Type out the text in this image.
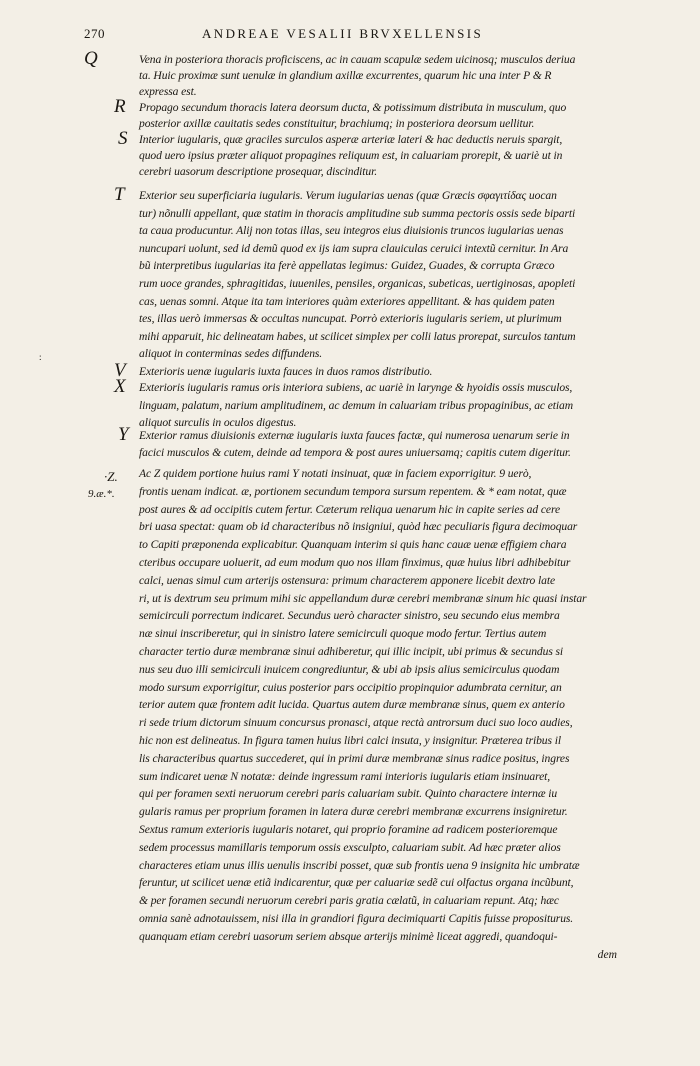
270	ANDREAE VESALII BRVXELLENSIS
Q	Vena in posteriora thoracis proficiscens, ac in cauam scapulæ sedem uicinosq; musculos deriua
ta. Huic proximæ sunt uenulæ in glandium axillæ excurrentes, quarum hic una inter P & R
expressa est.
R Propago secundum thoracis latera deorsum ducta, & potissimum distributa in musculum, quo
posterior axillæ cauitatis sedes constituitur, brachiumq; in posteriora deorsum uellitur.
S Interior iugularis, quæ graciles surculos asperæ arteriæ lateri & hac deductis neruis spargit,
quod uero ipsius præter aliquot propagines reliquum est, in caluariam prorepit, & uariè ut in
cerebri uasorum descriptione prosequar, discinditur.
T Exterior seu superficiaria iugularis. Verum iugularias uenas (quæ Græcis σφαγιτίδας uocan
tur) nõnulli appellant, quæ statim in thoracis amplitudine sub summa pectoris ossis sede biparti
ta caua producuntur. Alij non totas illas, seu integros eius diuisionis truncos iugularias uenas
nuncupari uolunt, sed id demũ quod ex ijs iam supra clauiculas ceruici intextũ cernitur. In Ara
bũ interpretibus iugularias ita ferè appellatas legimus: Guidez, Guades, & corrupta Græco
rum uoce grandes, sphragitidas, iuueniles, pensiles, organicas, subeticas, uertiginosas, apopleti
cas, uenas somni. Atque ita tam interiores quàm exteriores appellitant. & has quidem paten
tes, illas uerò immersas & occultas nuncupat. Porrò exterioris iugularis seriem, ut plurimum
mihi apparuit, hic delineatam habes, ut scilicet simplex per colli latus prorepat, surculos tantum
aliquot in conterminas sedes diffundens.
V Exterioris uenæ iugularis iuxta fauces in duos ramos distributio.
X Exterioris iugularis ramus oris interiora subiens, ac uariè in larynge & hyoidis ossis musculos,
linguam, palatum, narium amplitudinem, ac demum in caluariam tribus propaginibus, ac etiam
aliquot surculis in oculos digestus.
Y Exterior ramus diuisionis externæ iugularis iuxta fauces factæ, qui numerosa uenarum serie in
facici musculos & cutem, deinde ad tempora & post aures uniuersamq; capitis cutem digeritur.
Ac Z quidem portione huius rami Y notati insinuat, quæ in faciem exporrigitur. 9 uerò,
frontis uenam indicat. æ, portionem secundum tempora sursum repentem. & * eam notat, quæ
post aures & ad occipitis cutem fertur. Cæterum reliqua uenarum hic in capite series ad cere
bri uasa spectat: quam ob id characteribus nõ insigniui, quòd hæc peculiaris figura decimoquar
to Capiti præponenda explicabitur. Quanquam interim si quis hanc cauæ uenæ effigiem chara
cteribus occupare uoluerit, ad eum modum quo nos illam finximus, quæ huius libri adhibebitur
calci, uenas simul cum arterijs ostensura: primum characterem apponere licebit dextro late
ri, ut is dextrum seu primum mihi sic appellandum duræ cerebri membranæ sinum hic quasi instar
semicirculi porrectum indicaret. Secundus uerò character sinistro, seu secundo eius membra
næ sinui inscriberetur, qui in sinistro latere semicirculi quoque modo fertur. Tertius autem
character tertio duræ membranæ sinui adhiberetur, qui illic incipit, ubi primus & secundus si
nus seu duo illi semicirculi inuicem congrediuntur, & ubi ab ipsis alius semicirculus quodam
modo sursum exporrigitur, cuius posterior pars occipitio propinquior adumbrata cernitur, an
terior autem quæ frontem adit lucida. Quartus autem duræ membranæ sinus, quem ex anterio
ri sede trium dictorum sinuum concursus pronasci, atque rectà antrorsum duci suo loco audies,
hic non est delineatus. In figura tamen huius libri calci insuta, y insignitur. Præterea tribus il
lis characteribus quartus succederet, qui in primi duræ membranæ sinus radice positus, ingres
sum indicaret uenæ N notatæ: deinde ingressum rami interioris iugularis etiam insinuaret,
qui per foramen sexti neruorum cerebri paris caluariam subit. Quinto charactere internæ iu
gularis ramus per proprium foramen in latera duræ cerebri membranæ excurrens insigniretur.
Sextus ramum exterioris iugularis notaret, qui proprio foramine ad radicem posterioremque
sedem processus mamillaris temporum ossis exsculpto, caluariam subit. Ad hæc præter alios
characteres etiam unus illis uenulis inscribi posset, quæ sub frontis uena 9 insignita hic umbratæ
feruntur, ut scilicet uenæ etiã indicarentur, quæ per caluariæ sedẽ cui olfactus organa incũbunt,
& per foramen secundi neruorum cerebri paris gratia cælatũ, in caluariam repunt. Atq; hæc
omnia sanè adnotauissem, nisi illa in grandiori figura decimiquarti Capitis fuisse propositurus.
quanquam etiam cerebri uasorum seriem absque arterijs minimè liceat aggredi, quandoqui-
dem
·Z.
9.æ.*.
:
